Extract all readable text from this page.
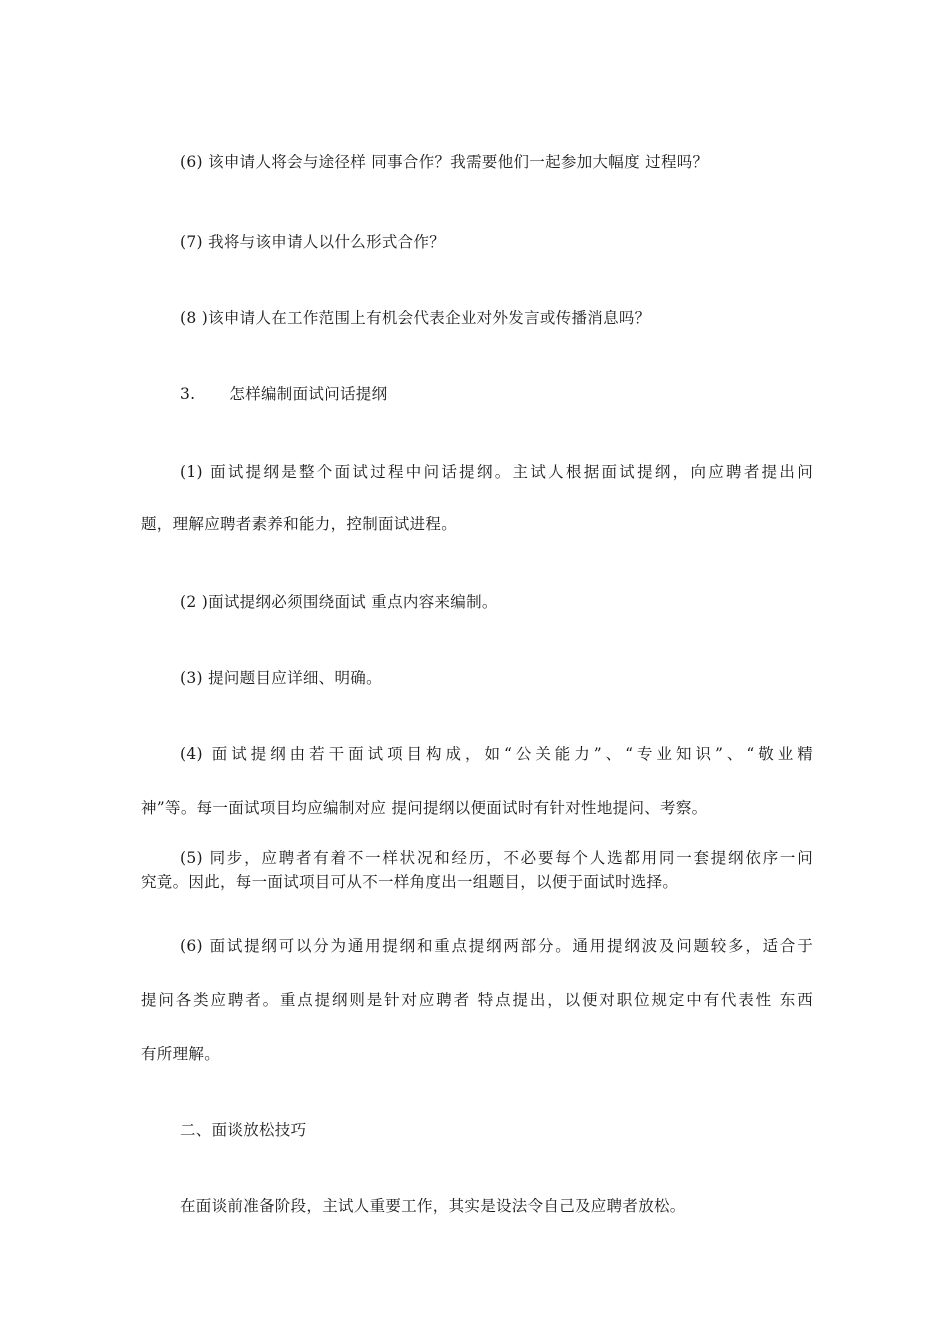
(6) 该申请人将会与途径样 同事合作？我需要他们一起参加大幅度 过程吗？

(7) 我将与该申请人以什么形式合作？

(8 )该申请人在工作范围上有机会代表企业对外发言或传播消息吗？

3. 怎样编制面试问话提纲

(1) 面试提纲是整个面试过程中问话提纲。主试人根据面试提纲，向应聘者提出问

题，理解应聘者素养和能力，控制面试进程。

(2 )面试提纲必须围绕面试 重点内容来编制。

(3) 提问题目应详细、明确。

(4) 面试提纲由若干面试项目构成，如“公关能力”、“专业知识”、“敬业精

神”等。每一面试项目均应编制对应 提问提纲以便面试时有针对性地提问、考察。

(5) 同步，应聘者有着不一样状况和经历，不必要每个人选都用同一套提纲依序一问

究竟。因此，每一面试项目可从不一样角度出一组题目，以便于面试时选择。

(6) 面试提纲可以分为通用提纲和重点提纲两部分。通用提纲波及问题较多，适合于

提问各类应聘者。重点提纲则是针对应聘者 特点提出，以便对职位规定中有代表性 东西

有所理解。

二、面谈放松技巧

在面谈前准备阶段，主试人重要工作，其实是设法令自己及应聘者放松。
